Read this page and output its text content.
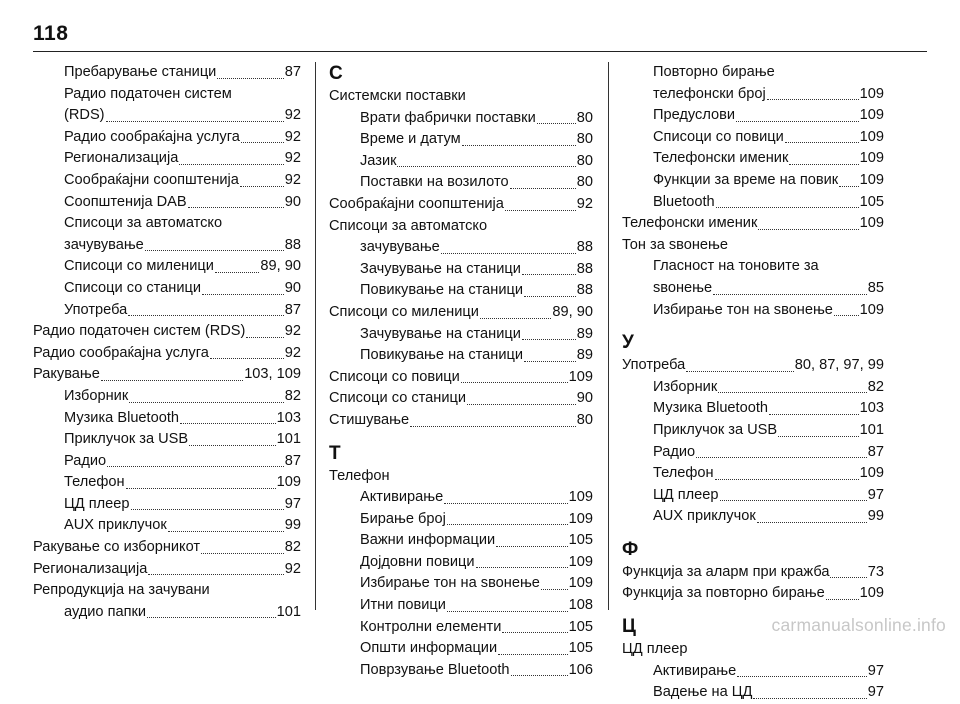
118
Пребарување станици	87
Радио податочен систем
(RDS)	92
Радио сообраќајна услуга	92
Регионализација	92
Сообраќајни соопштенија	92
Соопштенија DAB	90
Списоци за автоматско
зачувување	88
Списоци со миленици	89, 90
Списоци со станици	90
Употреба	87
Радио податочен систем (RDS)	92
Радио сообраќајна услуга	92
Ракување	103, 109
Изборник	82
Музика Bluetooth	103
Приклучок за USB	101
Радио	87
Телефон	109
ЦД плеер	97
AUX приклучок	99
Ракување со изборникот	82
Регионализација	92
Репродукција на зачувани
аудио папки	101
С
Системски поставки
Врати фабрички поставки	80
Време и датум	80
Јазик	80
Поставки на возилото	80
Сообраќајни соопштенија	92
Списоци за автоматско
зачувување	88
Зачувување на станици	88
Повикување на станици	88
Списоци со миленици	89, 90
Зачувување на станици	89
Повикување на станици	89
Списоци со повици	109
Списоци со станици	90
Стишување	80
Т
Телефон
Активирање	109
Бирање број	109
Важни информации	105
Дојдовни повици	109
Избирање тон на ѕвонење 109
Итни повици	108
Контролни елементи	105
Општи информации	105
Поврзување Bluetooth	106
Повторно бирање
телефонски број	109
Предуслови	109
Списоци со повици	109
Телефонски именик	109
Функции за време на повик 109
Bluetooth	105
Телефонски именик	109
Тон за ѕвонење
Гласност на тоновите за
ѕвонење	85
Избирање тон на ѕвонење 109
У
Употреба	80, 87, 97, 99
Изборник	82
Музика Bluetooth	103
Приклучок за USB	101
Радио	87
Телефон	109
ЦД плеер	97
AUX приклучок	99
Ф
Функција за аларм при кражба	73
Функција за повторно бирање 109
Ц
ЦД плеер
Активирање	97
Вадење на ЦД	97
carmanualsonline.info
